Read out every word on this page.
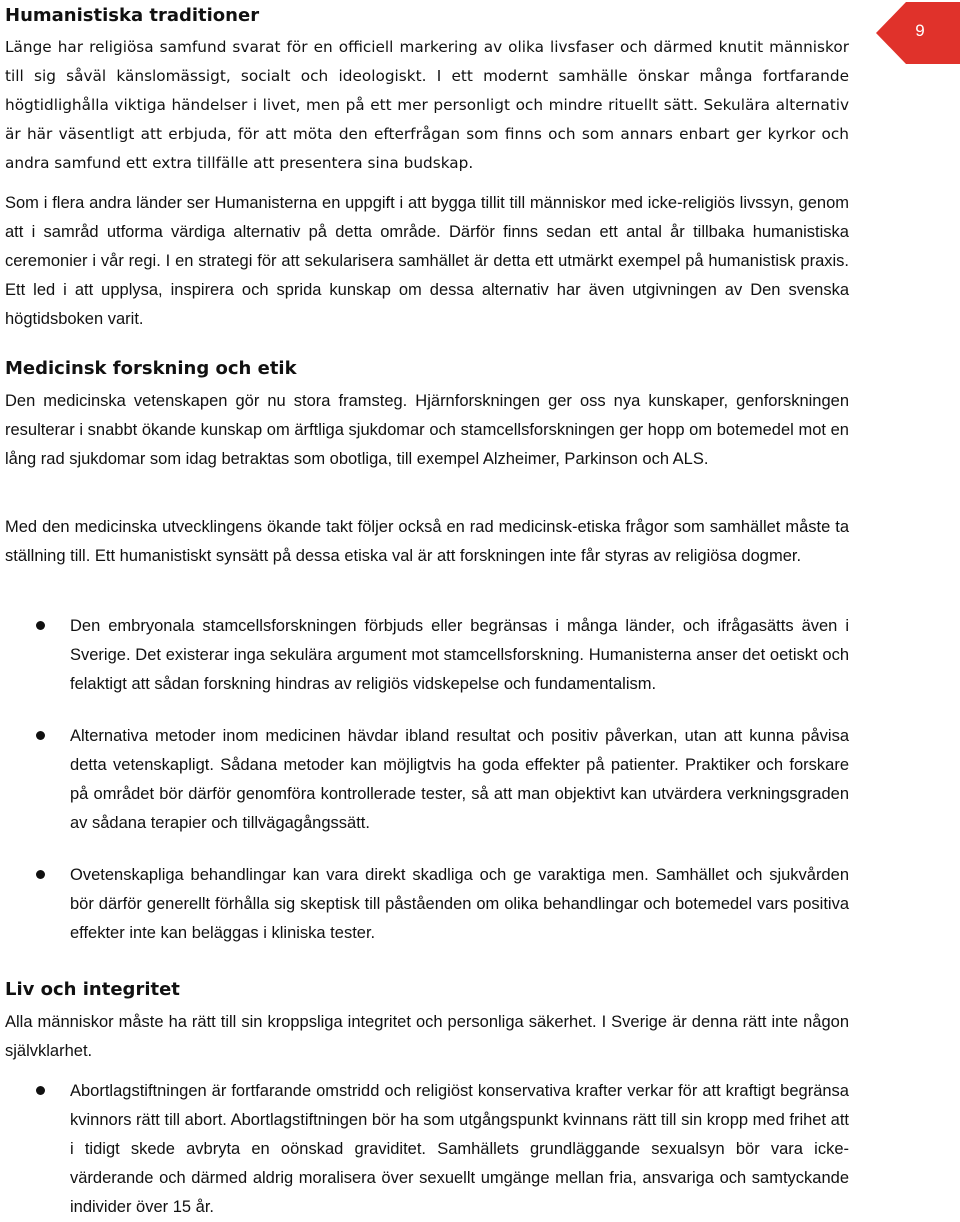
9
Humanistiska traditioner

Länge har religiösa samfund svarat för en officiell markering av olika livsfaser och därmed knutit människor till sig såväl känslomässigt, socialt och ideologiskt. I ett modernt samhälle önskar många fortfarande högtidlighålla viktiga händelser i livet, men på ett mer personligt och mindre rituellt sätt. Sekulära alternativ är här väsentligt att erbjuda, för att möta den efterfrågan som finns och som annars enbart ger kyrkor och andra samfund ett extra tillfälle att presentera sina budskap.

Som i flera andra länder ser Humanisterna en uppgift i att bygga tillit till människor med icke-religiös livssyn, genom att i samråd utforma värdiga alternativ på detta område. Därför finns sedan ett antal år tillbaka humanistiska ceremonier i vår regi. I en strategi för att sekularisera samhället är detta ett utmärkt exempel på humanistisk praxis. Ett led i att upplysa, inspirera och sprida kunskap om dessa alternativ har även utgivningen av Den svenska högtidsboken varit.

Medicinsk forskning och etik

Den medicinska vetenskapen gör nu stora framsteg. Hjärnforskningen ger oss nya kunskaper, genforskningen resulterar i snabbt ökande kunskap om ärftliga sjukdomar och stamcellsforskningen ger hopp om botemedel mot en lång rad sjukdomar som idag betraktas som obotliga, till exempel Alzheimer, Parkinson och ALS.

Med den medicinska utvecklingens ökande takt följer också en rad medicinsk-etiska frågor som samhället måste ta ställning till. Ett humanistiskt synsätt på dessa etiska val är att forskningen inte får styras av religiösa dogmer.

Den embryonala stamcellsforskningen förbjuds eller begränsas i många länder, och ifrågasätts även i Sverige. Det existerar inga sekulära argument mot stamcellsforskning. Humanisterna anser det oetiskt och felaktigt att sådan forskning hindras av religiös vidskepelse och fundamentalism.
Alternativa metoder inom medicinen hävdar ibland resultat och positiv påverkan, utan att kunna påvisa detta vetenskapligt. Sådana metoder kan möjligtvis ha goda effekter på patienter. Praktiker och forskare på området bör därför genomföra kontrollerade tester, så att man objektivt kan utvärdera verkningsgraden av sådana terapier och tillvägagångssätt.
Ovetenskapliga behandlingar kan vara direkt skadliga och ge varaktiga men. Samhället och sjukvården bör därför generellt förhålla sig skeptisk till påståenden om olika behandlingar och botemedel vars positiva effekter inte kan beläggas i kliniska tester.
Liv och integritet

Alla människor måste ha rätt till sin kroppsliga integritet och personliga säkerhet. I Sverige är denna rätt inte någon självklarhet.

Abortlagstiftningen är fortfarande omstridd och religiöst konservativa krafter verkar för att kraftigt begränsa kvinnors rätt till abort. Abortlagstiftningen bör ha som utgångspunkt kvinnans rätt till sin kropp med frihet att i tidigt skede avbryta en oönskad graviditet. Samhällets grundläggande sexualsyn bör vara icke-värderande och därmed aldrig moralisera över sexuellt umgänge mellan fria, ansvariga och samtyckande individer över 15 år.
